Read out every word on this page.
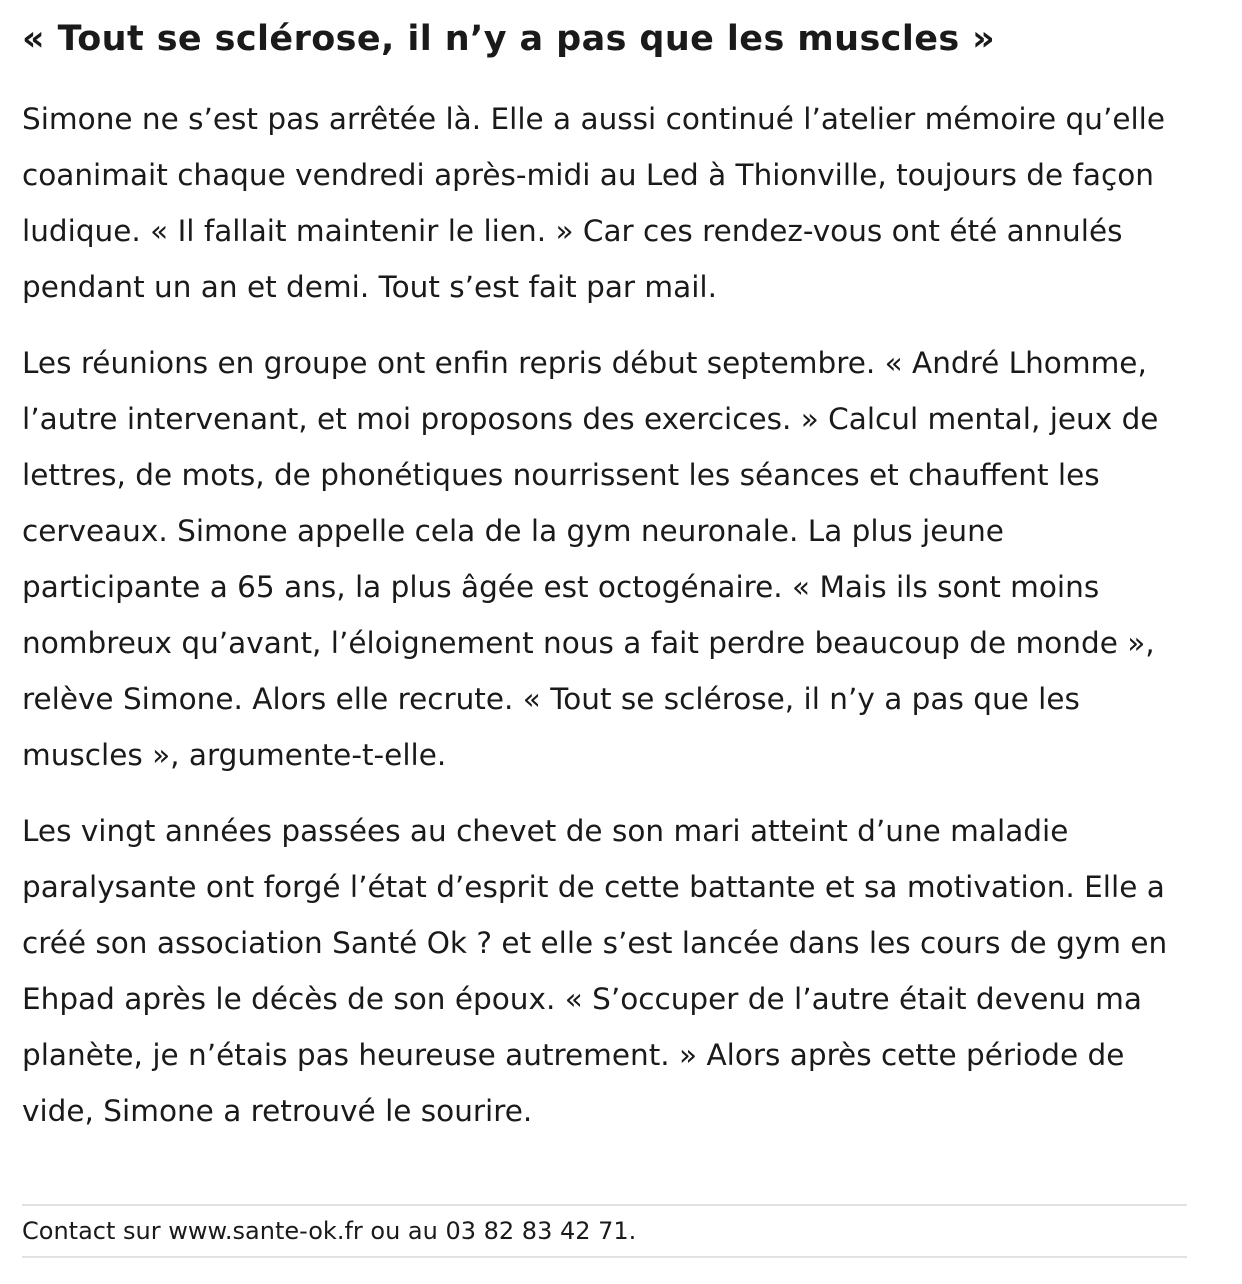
« Tout se sclérose, il n’y a pas que les muscles »

Simone ne s’est pas arrêtée là. Elle a aussi continué l’atelier mémoire qu’elle coanimait chaque vendredi après-midi au Led à Thionville, toujours de façon ludique. « Il fallait maintenir le lien. » Car ces rendez-vous ont été annulés pendant un an et demi. Tout s’est fait par mail.

Les réunions en groupe ont enfin repris début septembre. « André Lhomme, l’autre intervenant, et moi proposons des exercices. » Calcul mental, jeux de lettres, de mots, de phonétiques nourrissent les séances et chauffent les cerveaux. Simone appelle cela de la gym neuronale. La plus jeune participante a 65 ans, la plus âgée est octogénaire. « Mais ils sont moins nombreux qu’avant, l’éloignement nous a fait perdre beaucoup de monde », relève Simone. Alors elle recrute. « Tout se sclérose, il n’y a pas que les muscles », argumente-t-elle.

Les vingt années passées au chevet de son mari atteint d’une maladie paralysante ont forgé l’état d’esprit de cette battante et sa motivation. Elle a créé son association Santé Ok ? et elle s’est lancée dans les cours de gym en Ehpad après le décès de son époux. « S’occuper de l’autre était devenu ma planète, je n’étais pas heureuse autrement. » Alors après cette période de vide, Simone a retrouvé le sourire.

Contact sur www.sante-ok.fr ou au 03 82 83 42 71.
